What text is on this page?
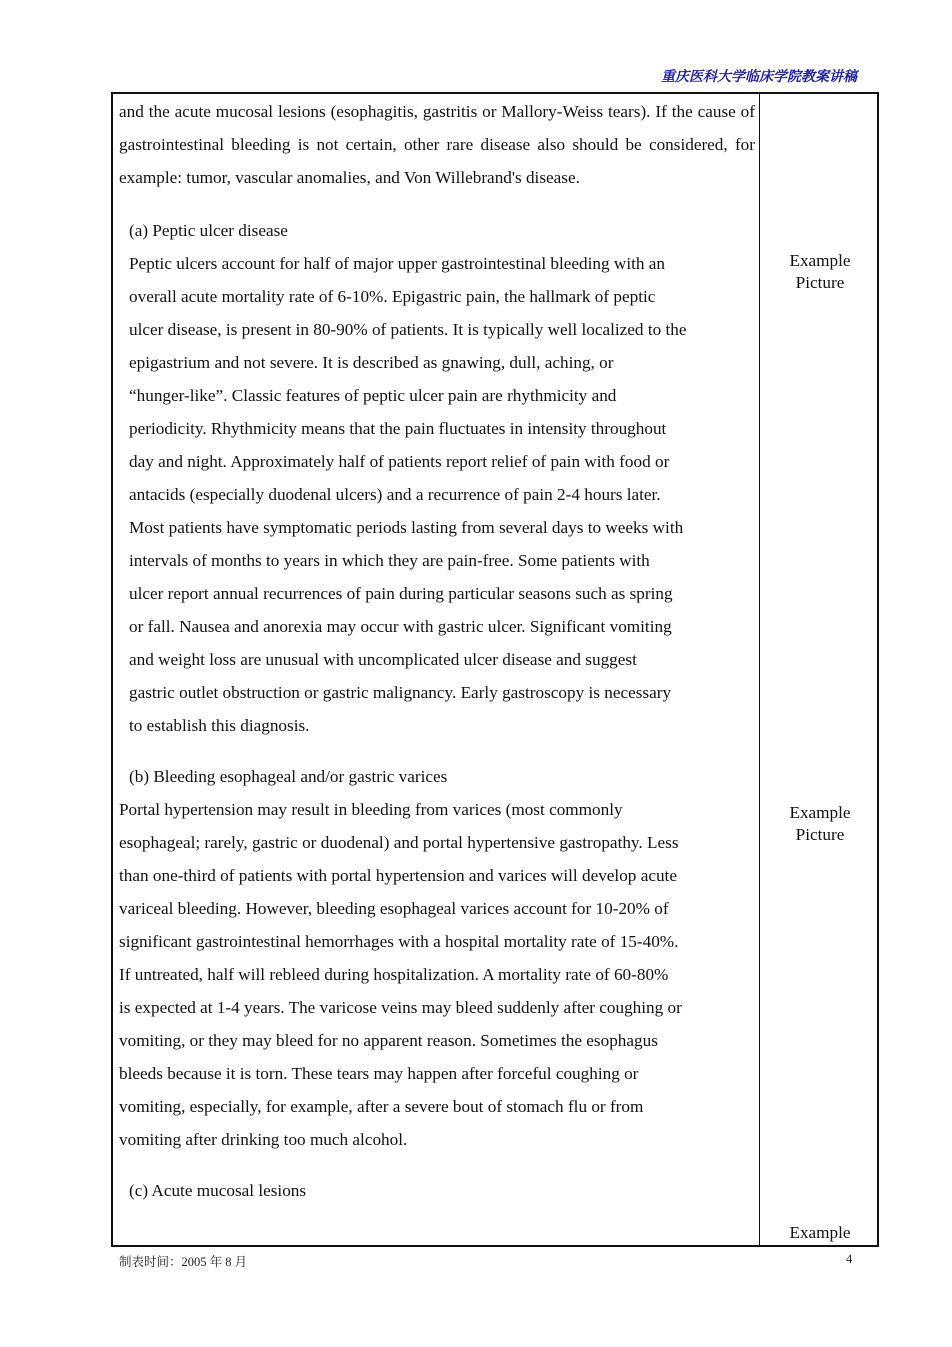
重庆医科大学临床学院教案讲稿

and the acute mucosal lesions (esophagitis, gastritis or Mallory-Weiss tears). If the cause of gastrointestinal bleeding is not certain, other rare disease also should be considered, for example: tumor, vascular anomalies, and Von Willebrand's disease.

(a) Peptic ulcer disease

Peptic ulcers account for half of major upper gastrointestinal bleeding with an

overall acute mortality rate of 6-10%. Epigastric pain, the hallmark of peptic

ulcer disease, is present in 80-90% of patients. It is typically well localized to the

epigastrium and not severe. It is described as gnawing, dull, aching, or

“hunger-like”. Classic features of peptic ulcer pain are rhythmicity and

periodicity. Rhythmicity means that the pain fluctuates in intensity throughout

day and night. Approximately half of patients report relief of pain with food or

antacids (especially duodenal ulcers) and a recurrence of pain 2-4 hours later.

Most patients have symptomatic periods lasting from several days to weeks with

intervals of months to years in which they are pain-free. Some patients with

ulcer report annual recurrences of pain during particular seasons such as spring

or fall. Nausea and anorexia may occur with gastric ulcer. Significant vomiting

and weight loss are unusual with uncomplicated ulcer disease and suggest

gastric outlet obstruction or gastric malignancy. Early gastroscopy is necessary

to establish this diagnosis.

(b) Bleeding esophageal and/or gastric varices

Portal hypertension may result in bleeding from varices (most commonly

esophageal; rarely, gastric or duodenal) and portal hypertensive gastropathy. Less

than one-third of patients with portal hypertension and varices will develop acute

variceal bleeding. However, bleeding esophageal varices account for 10-20% of

significant gastrointestinal hemorrhages with a hospital mortality rate of 15-40%.

If untreated, half will rebleed during hospitalization. A mortality rate of 60-80%

is expected at 1-4 years. The varicose veins may bleed suddenly after coughing or

vomiting, or they may bleed for no apparent reason. Sometimes the esophagus

bleeds because it is torn. These tears may happen after forceful coughing or

vomiting, especially, for example, after a severe bout of stomach flu or from

vomiting after drinking too much alcohol.

(c) Acute mucosal lesions

Example
Picture
Example
Picture
Example
制表时间：2005 年 8 月	4
